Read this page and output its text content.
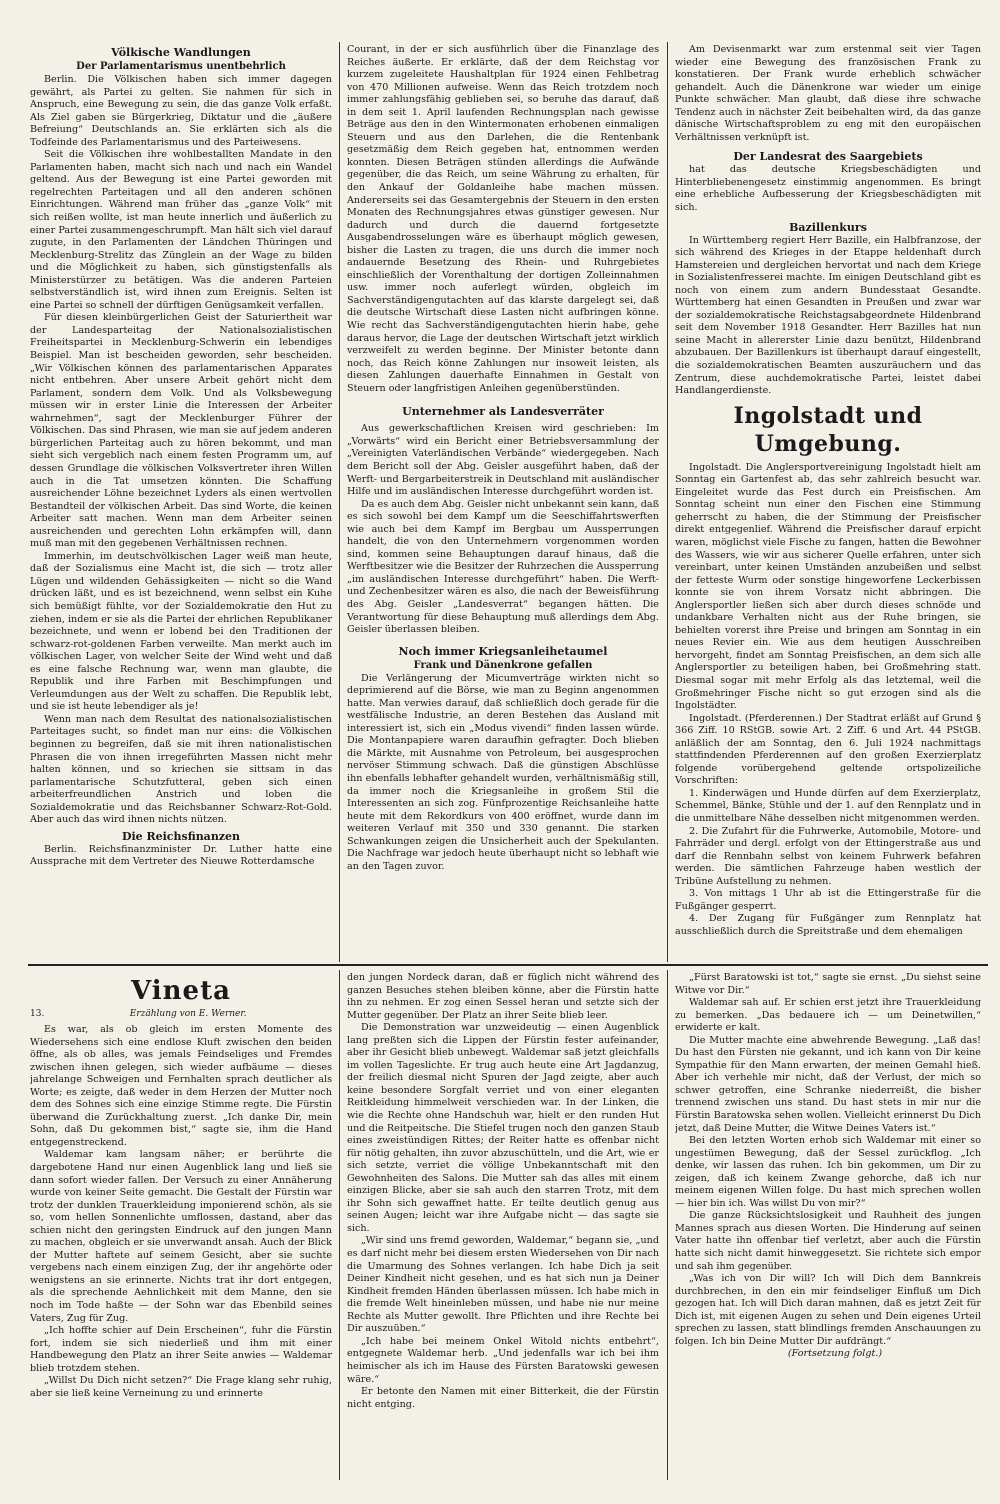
Völkische Wandlungen
Der Parlamentarismus unentbehrlich

Berlin. Die Völkischen haben sich immer dagegen gewährt, als Partei zu gelten. Sie nahmen für sich in Anspruch, eine Bewegung zu sein, die das ganze Volk erfaßt. Als Ziel gaben sie Bürgerkrieg, Diktatur und die „äußere Befreiung“ Deutschlands an. Sie erklärten sich als die Todfeinde des Parlamentarismus und des Parteiwesens.

Seit die Völkischen ihre wohlbestallten Mandate in den Parlamenten haben, macht sich nach und nach ein Wandel geltend. Aus der Bewegung ist eine Partei geworden mit regelrechten Parteitagen und all den anderen schönen Einrichtungen. Während man früher das „ganze Volk“ mit sich reißen wollte, ist man heute innerlich und äußerlich zu einer Partei zusammengeschrumpft. Man hält sich viel darauf zugute, in den Parlamenten der Ländchen Thüringen und Mecklenburg-Strelitz das Zünglein an der Wage zu bilden und die Möglichkeit zu haben, sich günstigstenfalls als Ministerstürzer zu betätigen. Was die anderen Parteien selbstverständlich ist, wird ihnen zum Ereignis. Selten ist eine Partei so schnell der dürftigen Genügsamkeit verfallen.

Für diesen kleinbürgerlichen Geist der Saturiertheit war der Landesparteitag der Nationalsozialistischen Freiheitspartei in Mecklenburg-Schwerin ein lebendiges Beispiel. Man ist bescheiden geworden, sehr bescheiden. „Wir Völkischen können des parlamentarischen Apparates nicht entbehren. Aber unsere Arbeit gehört nicht dem Parlament, sondern dem Volk. Und als Volksbewegung müssen wir in erster Linie die Interessen der Arbeiter wahrnehmen“, sagt der Mecklenburger Führer der Völkischen. Das sind Phrasen, wie man sie auf jedem anderen bürgerlichen Parteitag auch zu hören bekommt, und man sieht sich vergeblich nach einem festen Programm um, auf dessen Grundlage die völkischen Volksvertreter ihren Willen auch in die Tat umsetzen könnten. Die Schaffung ausreichender Löhne bezeichnet Lyders als einen wertvollen Bestandteil der völkischen Arbeit. Das sind Worte, die keinen Arbeiter satt machen. Wenn man dem Arbeiter seinen ausreichenden und gerechten Lohn erkämpfen will, dann muß man mit den gegebenen Verhältnissen rechnen.

Immerhin, im deutschvölkischen Lager weiß man heute, daß der Sozialismus eine Macht ist, die sich — trotz aller Lügen und wildenden Gehässigkeiten — nicht so die Wand drücken läßt, und es ist bezeichnend, wenn selbst ein Kuhe sich bemüßigt fühlte, vor der Sozialdemokratie den Hut zu ziehen, indem er sie als die Partei der ehrlichen Republikaner bezeichnete, und wenn er lobend bei den Traditionen der schwarz-rot-goldenen Farben verweilte. Man merkt auch im völkischen Lager, von welcher Seite der Wind weht und daß es eine falsche Rechnung war, wenn man glaubte, die Republik und ihre Farben mit Beschimpfungen und Verleumdungen aus der Welt zu schaffen. Die Republik lebt, und sie ist heute lebendiger als je!

Wenn man nach dem Resultat des nationalsozialistischen Parteitages sucht, so findet man nur eins: die Völkischen beginnen zu begreifen, daß sie mit ihren nationalistischen Phrasen die von ihnen irregeführten Massen nicht mehr halten können, und so kriechen sie sittsam in das parlamentarische Schutzfutteral, geben sich einen arbeiterfreundlichen Anstrich und loben die Sozialdemokratie und das Reichsbanner Schwarz-Rot-Gold. Aber auch das wird ihnen nichts nützen.

Die Reichsfinanzen

Berlin. Reichsfinanzminister Dr. Luther hatte eine Aussprache mit dem Vertreter des Nieuwe Rotterdamsche

Courant, in der er sich ausführlich über die Finanzlage des Reiches äußerte. Er erklärte, daß der dem Reichstag vor kurzem zugeleitete Haushaltplan für 1924 einen Fehlbetrag von 470 Millionen aufweise. Wenn das Reich trotzdem noch immer zahlungsfähig geblieben sei, so beruhe das darauf, daß in dem seit 1. April laufenden Rechnungsplan nach gewisse Beträge aus den in den Wintermonaten erhobenen einmaligen Steuern und aus den Darlehen, die die Rentenbank gesetzmäßig dem Reich gegeben hat, entnommen werden konnten. Diesen Beträgen stünden allerdings die Aufwände gegenüber, die das Reich, um seine Währung zu erhalten, für den Ankauf der Goldanleihe habe machen müssen. Andererseits sei das Gesamtergebnis der Steuern in den ersten Monaten des Rechnungsjahres etwas günstiger gewesen. Nur dadurch und durch die dauernd fortgesetzte Ausgabendrosselungen wäre es überhaupt möglich gewesen, bisher die Lasten zu tragen, die uns durch die immer noch andauernde Besetzung des Rhein- und Ruhrgebietes einschließlich der Vorenthaltung der dortigen Zolleinnahmen usw. immer noch auferlegt würden, obgleich im Sachverständigengutachten auf das klarste dargelegt sei, daß die deutsche Wirtschaft diese Lasten nicht aufbringen könne. Wie recht das Sachverständigengutachten hierin habe, gehe daraus hervor, die Lage der deutschen Wirtschaft jetzt wirklich verzweifelt zu werden beginne. Der Minister betonte dann noch, das Reich könne Zahlungen nur insoweit leisten, als diesen Zahlungen dauerhafte Einnahmen in Gestalt von Steuern oder langfristigen Anleihen gegenüberstünden.

Unternehmer als Landesverräter

Aus gewerkschaftlichen Kreisen wird geschrieben: Im „Vorwärts“ wird ein Bericht einer Betriebsversammlung der „Vereinigten Vaterländischen Verbände“ wiedergegeben. Nach dem Bericht soll der Abg. Geisler ausgeführt haben, daß der Werft- und Bergarbeiterstreik in Deutschland mit ausländischer Hilfe und im ausländischen Interesse durchgeführt worden ist.

Da es auch dem Abg. Geisler nicht unbekannt sein kann, daß es sich sowohl bei dem Kampf um die Seeschiffahrtswerften wie auch bei dem Kampf im Bergbau um Aussperrungen handelt, die von den Unternehmern vorgenommen worden sind, kommen seine Behauptungen darauf hinaus, daß die Werftbesitzer wie die Besitzer der Ruhrzechen die Aussperrung „im ausländischen Interesse durchgeführt“ haben. Die Werft- und Zechenbesitzer wären es also, die nach der Beweisführung des Abg. Geisler „Landesverrat“ begangen hätten. Die Verantwortung für diese Behauptung muß allerdings dem Abg. Geisler überlassen bleiben.

Noch immer Kriegsanleihetaumel
Frank und Dänenkrone gefallen

Die Verlängerung der Micumverträge wirkten nicht so deprimierend auf die Börse, wie man zu Beginn angenommen hatte. Man verwies darauf, daß schließlich doch gerade für die westfälische Industrie, an deren Bestehen das Ausland mit interessiert ist, sich ein „Modus vivendi“ finden lassen würde. Die Montanpapiere waren daraufhin gefragter. Doch blieben die Märkte, mit Ausnahme von Petroleum, bei ausgesprochen nervöser Stimmung schwach. Daß die günstigen Abschlüsse ihn ebenfalls lebhafter gehandelt wurden, verhältnismäßig still, da immer noch die Kriegsanleihe in großem Stil die Interessenten an sich zog. Fünfprozentige Reichsanleihe hatte heute mit dem Rekordkurs von 400 eröffnet, wurde dann im weiteren Verlauf mit 350 und 330 genannt. Die starken Schwankungen zeigen die Unsicherheit auch der Spekulanten. Die Nachfrage war jedoch heute überhaupt nicht so lebhaft wie an den Tagen zuvor.

Am Devisenmarkt war zum erstenmal seit vier Tagen wieder eine Bewegung des französischen Frank zu konstatieren. Der Frank wurde erheblich schwächer gehandelt. Auch die Dänenkrone war wieder um einige Punkte schwächer. Man glaubt, daß diese ihre schwache Tendenz auch in nächster Zeit beibehalten wird, da das ganze dänische Wirtschaftsproblem zu eng mit den europäischen Verhältnissen verknüpft ist.

Der Landesrat des Saargebiets

hat das deutsche Kriegsbeschädigten und Hinterbliebenengesetz einstimmig angenommen. Es bringt eine erhebliche Aufbesserung der Kriegsbeschädigten mit sich.

Bazillenkurs

In Württemberg regiert Herr Bazille, ein Halbfranzose, der sich während des Krieges in der Etappe heldenhaft durch Hamstereien und dergleichen hervortat und nach dem Kriege in Sozialistenfresserei machte. Im einigen Deutschland gibt es noch von einem zum andern Bundesstaat Gesandte. Württemberg hat einen Gesandten in Preußen und zwar war der sozialdemokratische Reichstagsabgeordnete Hildenbrand seit dem November 1918 Gesandter. Herr Bazilles hat nun seine Macht in allererster Linie dazu benützt, Hildenbrand abzubauen. Der Bazillenkurs ist überhaupt darauf eingestellt, die sozialdemokratischen Beamten auszuräuchern und das Zentrum, diese auchdemokratische Partei, leistet dabei Handlangerdienste.

Ingolstadt und Umgebung.

Ingolstadt. Die Anglersportvereinigung Ingolstadt hielt am Sonntag ein Gartenfest ab, das sehr zahlreich besucht war. Eingeleitet wurde das Fest durch ein Preisfischen. Am Sonntag scheint nun einer den Fischen eine Stimmung geherrscht zu haben, die der Stimmung der Preisfischer direkt entgegenlief. Während die Preisfischer darauf erpicht waren, möglichst viele Fische zu fangen, hatten die Bewohner des Wassers, wie wir aus sicherer Quelle erfahren, unter sich vereinbart, unter keinen Umständen anzubeißen und selbst der fetteste Wurm oder sonstige hingeworfene Leckerbissen konnte sie von ihrem Vorsatz nicht abbringen. Die Anglersportler ließen sich aber durch dieses schnöde und undankbare Verhalten nicht aus der Ruhe bringen, sie behielten vorerst ihre Preise und bringen am Sonntag in ein neues Revier ein. Wie aus dem heutigen Ausschreiben hervorgeht, findet am Sonntag Preisfischen, an dem sich alle Anglersportler zu beteiligen haben, bei Großmehring statt. Diesmal sogar mit mehr Erfolg als das letztemal, weil die Großmehringer Fische nicht so gut erzogen sind als die Ingolstädter.

Ingolstadt. (Pferderennen.) Der Stadtrat erläßt auf Grund § 366 Ziff. 10 RStGB. sowie Art. 2 Ziff. 6 und Art. 44 PStGB. anläßlich der am Sonntag, den 6. Juli 1924 nachmittags stattfindenden Pferderennen auf den großen Exerzierplatz folgende vorübergehend geltende ortspolizeiliche Vorschriften:

1. Kinderwägen und Hunde dürfen auf dem Exerzierplatz, Schemmel, Bänke, Stühle und der 1. auf den Rennplatz und in die unmittelbare Nähe desselben nicht mitgenommen werden.

2. Die Zufahrt für die Fuhrwerke, Automobile, Motore- und Fahrräder und dergl. erfolgt von der Ettingerstraße aus und darf die Rennbahn selbst von keinem Fuhrwerk befahren werden. Die sämtlichen Fahrzeuge haben westlich der Tribüne Aufstellung zu nehmen.

3. Von mittags 1 Uhr ab ist die Ettingerstraße für die Fußgänger gesperrt.

4. Der Zugang für Fußgänger zum Rennplatz hat ausschließlich durch die Spreitstraße und dem ehemaligen

Vineta
13.	Erzählung von E. Werner.

Es war, als ob gleich im ersten Momente des Wiedersehens sich eine endlose Kluft zwischen den beiden öffne, als ob alles, was jemals Feindseliges und Fremdes zwischen ihnen gelegen, sich wieder aufbäume — dieses jahrelange Schweigen und Fernhalten sprach deutlicher als Worte; es zeigte, daß weder in dem Herzen der Mutter noch dem des Sohnes sich eine einzige Stimme regte. Die Fürstin überwand die Zurückhaltung zuerst. „Ich danke Dir, mein Sohn, daß Du gekommen bist,“ sagte sie, ihm die Hand entgegenstreckend.

Waldemar kam langsam näher; er berührte die dargebotene Hand nur einen Augenblick lang und ließ sie dann sofort wieder fallen. Der Versuch zu einer Annäherung wurde von keiner Seite gemacht. Die Gestalt der Fürstin war trotz der dunklen Trauerkleidung imponierend schön, als sie so, vom hellen Sonnenlichte umflossen, dastand, aber das schien nicht den geringsten Eindruck auf den jungen Mann zu machen, obgleich er sie unverwandt ansah. Auch der Blick der Mutter haftete auf seinem Gesicht, aber sie suchte vergebens nach einem einzigen Zug, der ihr angehörte oder wenigstens an sie erinnerte. Nichts trat ihr dort entgegen, als die sprechende Aehnlichkeit mit dem Manne, den sie noch im Tode haßte — der Sohn war das Ebenbild seines Vaters, Zug für Zug.

„Ich hoffte schier auf Dein Erscheinen“, fuhr die Fürstin fort, indem sie sich niederließ und ihm mit einer Handbewegung den Platz an ihrer Seite anwies — Waldemar blieb trotzdem stehen.

„Willst Du Dich nicht setzen?“ Die Frage klang sehr ruhig, aber sie ließ keine Verneinung zu und erinnerte

den jungen Nordeck daran, daß er füglich nicht während des ganzen Besuches stehen bleiben könne, aber die Fürstin hatte ihn zu nehmen. Er zog einen Sessel heran und setzte sich der Mutter gegenüber. Der Platz an ihrer Seite blieb leer.

Die Demonstration war unzweideutig — einen Augenblick lang preßten sich die Lippen der Fürstin fester aufeinander, aber ihr Gesicht blieb unbewegt. Waldemar saß jetzt gleichfalls im vollen Tageslichte. Er trug auch heute eine Art Jagdanzug, der freilich diesmal nicht Spuren der Jagd zeigte, aber auch keine besondere Sorgfalt verriet und von einer eleganten Reitkleidung himmelweit verschieden war. In der Linken, die wie die Rechte ohne Handschuh war, hielt er den runden Hut und die Reitpeitsche. Die Stiefel trugen noch den ganzen Staub eines zweistündigen Rittes; der Reiter hatte es offenbar nicht für nötig gehalten, ihn zuvor abzuschütteln, und die Art, wie er sich setzte, verriet die völlige Unbekanntschaft mit den Gewohnheiten des Salons. Die Mutter sah das alles mit einem einzigen Blicke, aber sie sah auch den starren Trotz, mit dem ihr Sohn sich gewaffnet hatte. Er teilte deutlich genug aus seinen Augen; leicht war ihre Aufgabe nicht — das sagte sie sich.

„Wir sind uns fremd geworden, Waldemar,“ begann sie, „und es darf nicht mehr bei diesem ersten Wiedersehen von Dir nach die Umarmung des Sohnes verlangen. Ich habe Dich ja seit Deiner Kindheit nicht gesehen, und es hat sich nun ja Deiner Kindheit fremden Händen überlassen müssen. Ich habe mich in die fremde Welt hineinleben müssen, und habe nie nur meine Rechte als Mutter gewollt. Ihre Pflichten und ihre Rechte bei Dir auszuüben.“

„Ich habe bei meinem Onkel Witold nichts entbehrt“, entgegnete Waldemar herb. „Und jedenfalls war ich bei ihm heimischer als ich im Hause des Fürsten Baratowski gewesen wäre.“

Er betonte den Namen mit einer Bitterkeit, die der Fürstin nicht entging.

„Fürst Baratowski ist tot,“ sagte sie ernst. „Du siehst seine Witwe vor Dir.“

Waldemar sah auf. Er schien erst jetzt ihre Trauerkleidung zu bemerken. „Das bedauere ich — um Deinetwillen,“ erwiderte er kalt.

Die Mutter machte eine abwehrende Bewegung. „Laß das! Du hast den Fürsten nie gekannt, und ich kann von Dir keine Sympathie für den Mann erwarten, der meinen Gemahl hieß. Aber ich verhehle mir nicht, daß der Verlust, der mich so schwer getroffen, eine Schranke niederreißt, die bisher trennend zwischen uns stand. Du hast stets in mir nur die Fürstin Baratowska sehen wollen. Vielleicht erinnerst Du Dich jetzt, daß Deine Mutter, die Witwe Deines Vaters ist.“

Bei den letzten Worten erhob sich Waldemar mit einer so ungestümen Bewegung, daß der Sessel zurückflog. „Ich denke, wir lassen das ruhen. Ich bin gekommen, um Dir zu zeigen, daß ich keinem Zwange gehorche, daß ich nur meinem eigenen Willen folge. Du hast mich sprechen wollen — hier bin ich. Was willst Du von mir?“

Die ganze Rücksichtslosigkeit und Rauhheit des jungen Mannes sprach aus diesen Worten. Die Hinderung auf seinen Vater hatte ihn offenbar tief verletzt, aber auch die Fürstin hatte sich nicht damit hinweggesetzt. Sie richtete sich empor und sah ihm gegenüber.

„Was ich von Dir will? Ich will Dich dem Bannkreis durchbrechen, in den ein mir feindseliger Einfluß um Dich gezogen hat. Ich will Dich daran mahnen, daß es jetzt Zeit für Dich ist, mit eigenen Augen zu sehen und Dein eigenes Urteil sprechen zu lassen, statt blindlings fremden Anschauungen zu folgen. Ich bin Deine Mutter Dir aufdrängt.“

(Fortsetzung folgt.)
